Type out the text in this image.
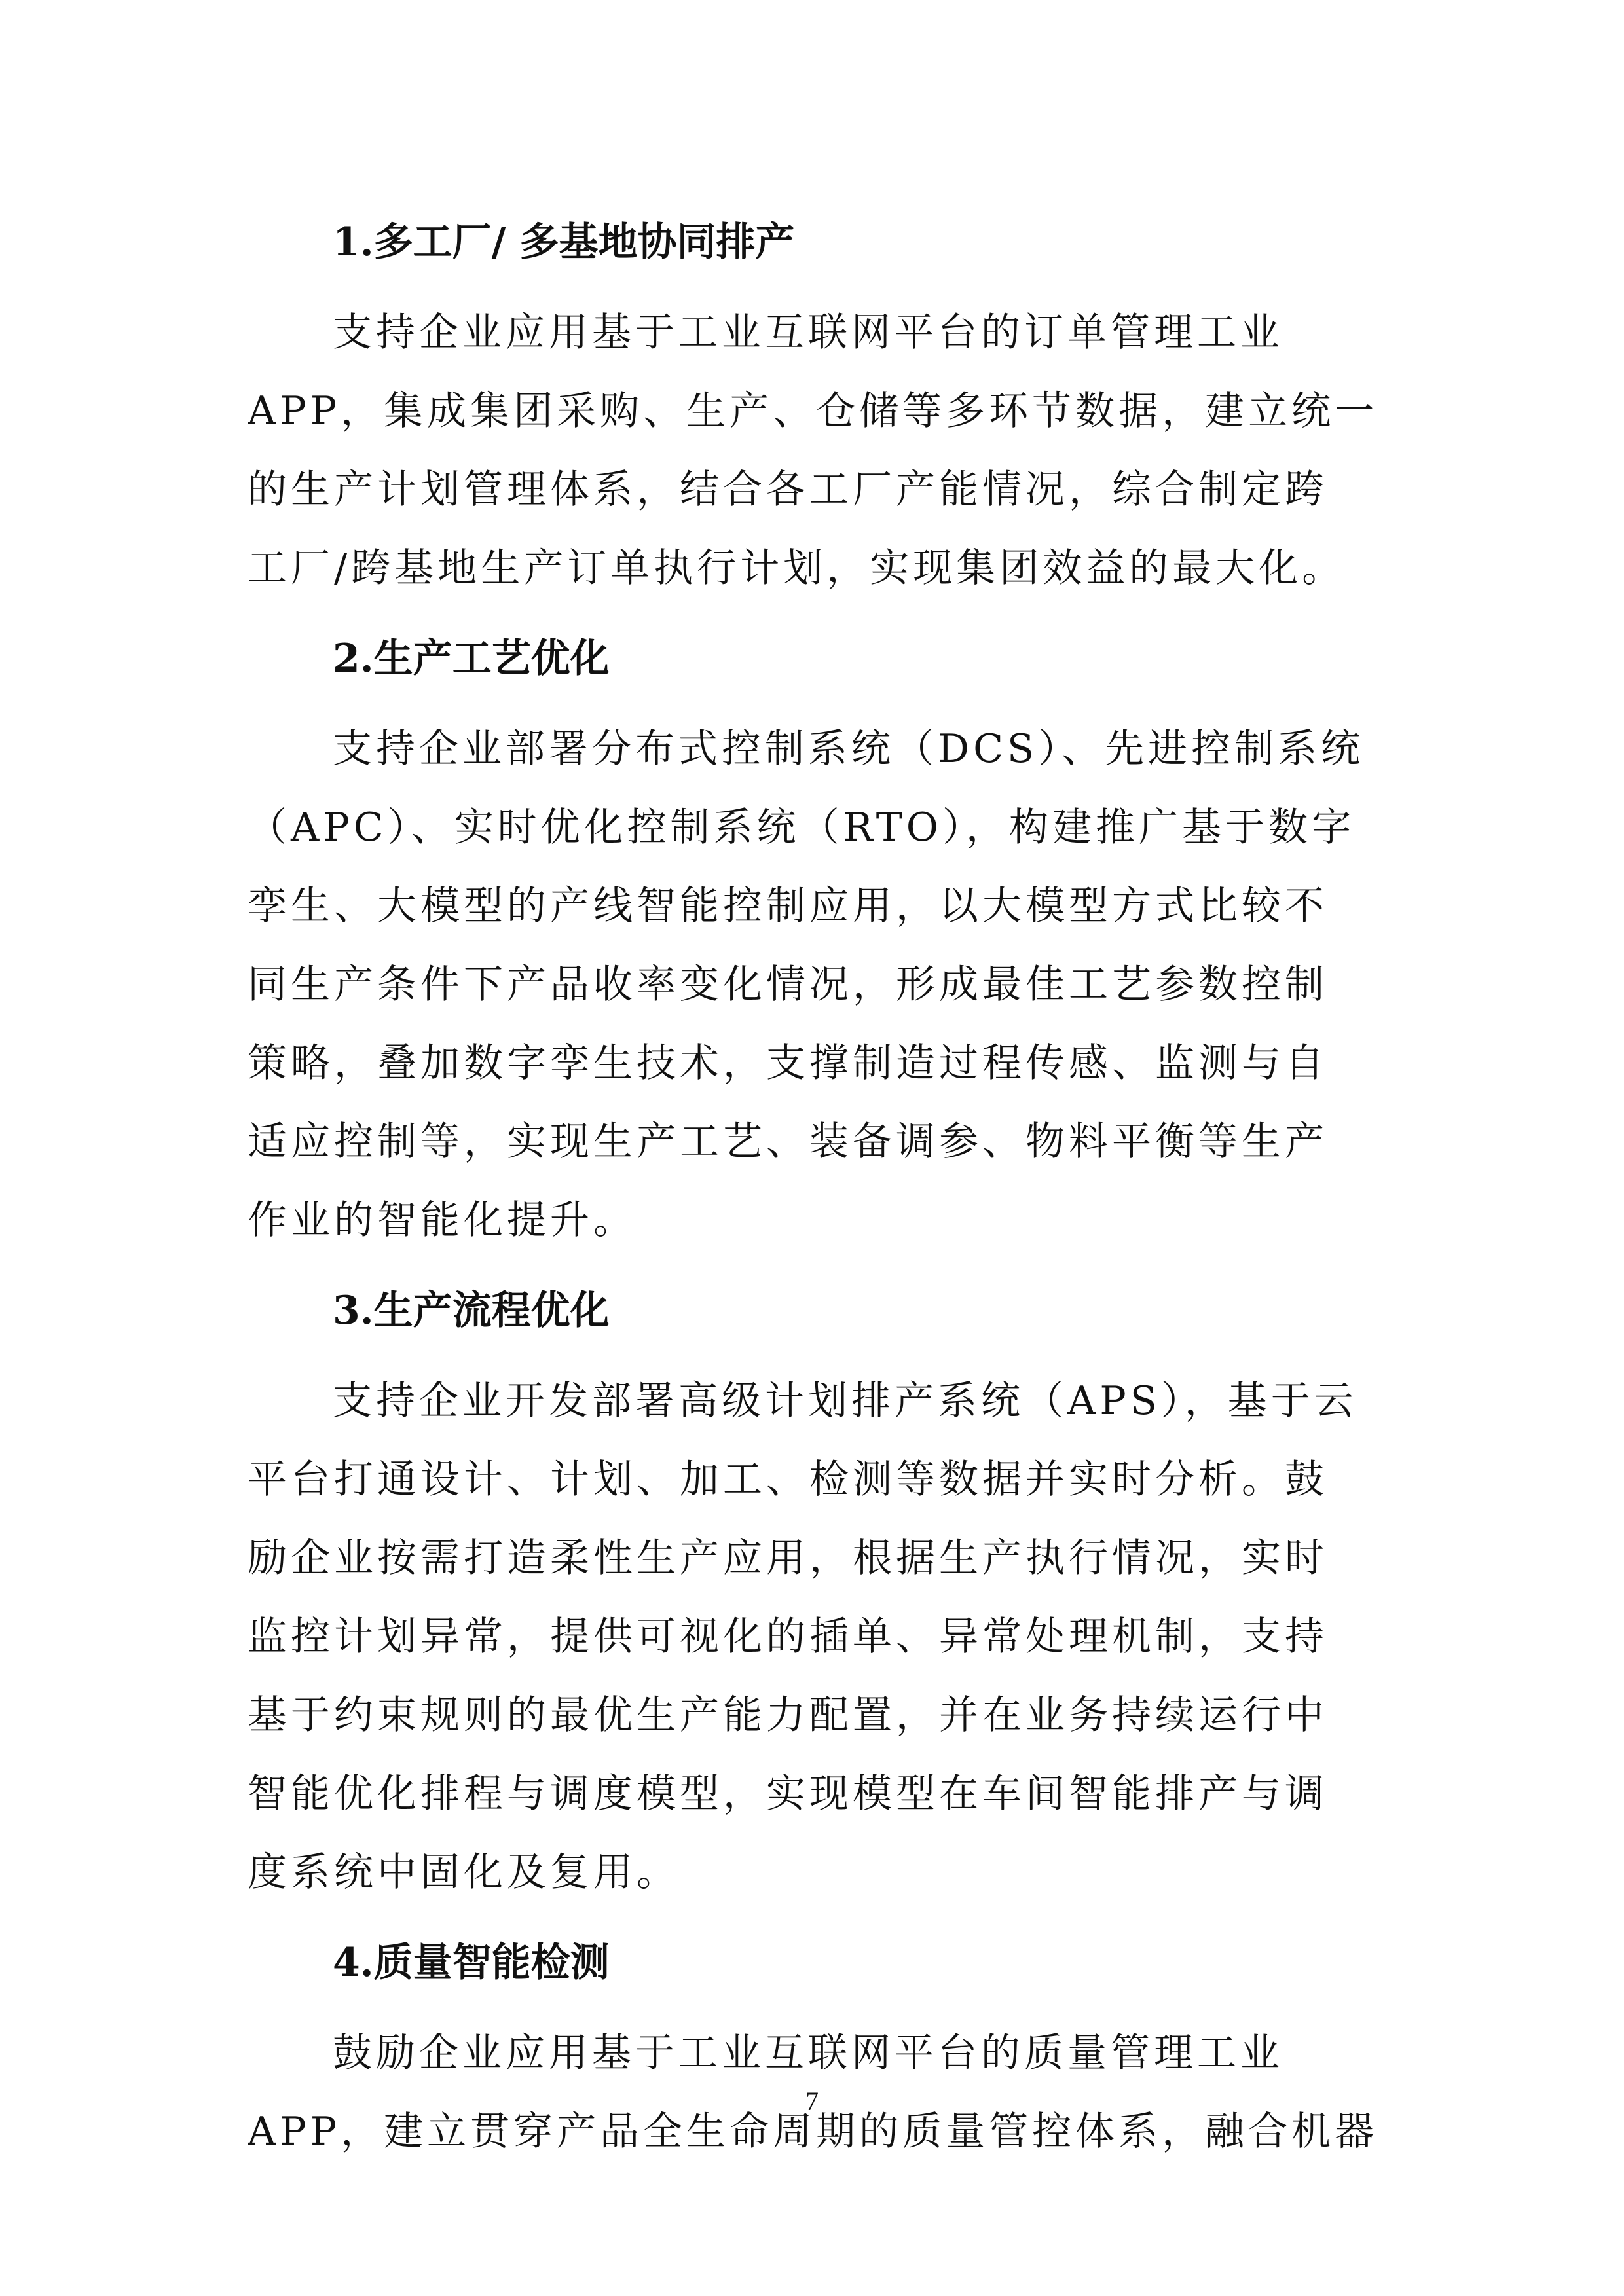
1.多工厂/ 多基地协同排产
支持企业应用基于工业互联网平台的订单管理工业
APP，集成集团采购、生产、仓储等多环节数据，建立统一
的生产计划管理体系，结合各工厂产能情况，综合制定跨
工厂/跨基地生产订单执行计划，实现集团效益的最大化。
2.生产工艺优化
支持企业部署分布式控制系统（DCS）、先进控制系统
（APC）、实时优化控制系统（RTO），构建推广基于数字
孪生、大模型的产线智能控制应用，以大模型方式比较不
同生产条件下产品收率变化情况，形成最佳工艺参数控制
策略，叠加数字孪生技术，支撑制造过程传感、监测与自
适应控制等，实现生产工艺、装备调参、物料平衡等生产
作业的智能化提升。
3.生产流程优化
支持企业开发部署高级计划排产系统（APS），基于云
平台打通设计、计划、加工、检测等数据并实时分析。鼓
励企业按需打造柔性生产应用，根据生产执行情况，实时
监控计划异常，提供可视化的插单、异常处理机制，支持
基于约束规则的最优生产能力配置，并在业务持续运行中
智能优化排程与调度模型，实现模型在车间智能排产与调
度系统中固化及复用。
4.质量智能检测
鼓励企业应用基于工业互联网平台的质量管理工业
APP，建立贯穿产品全生命周期的质量管控体系，融合机器
7
